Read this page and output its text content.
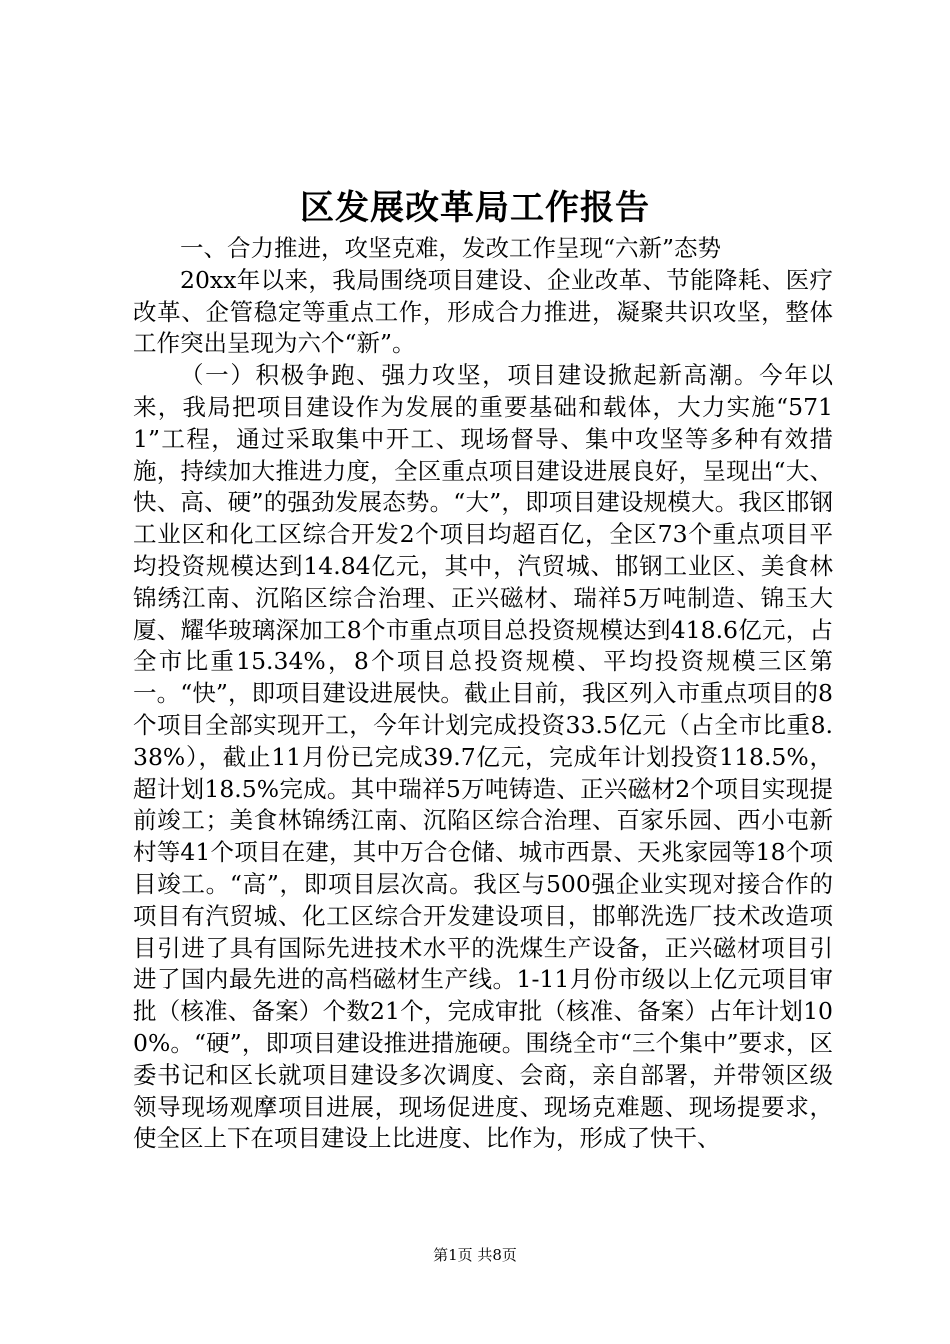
区发展改革局工作报告

一、合力推进，攻坚克难，发改工作呈现“六新”态势

20xx年以来，我局围绕项目建设、企业改革、节能降耗、医疗改革、企管稳定等重点工作，形成合力推进，凝聚共识攻坚，整体工作突出呈现为六个“新”。

（一）积极争跑、强力攻坚，项目建设掀起新高潮。今年以来，我局把项目建设作为发展的重要基础和载体，大力实施“5711”工程，通过采取集中开工、现场督导、集中攻坚等多种有效措施，持续加大推进力度，全区重点项目建设进展良好，呈现出“大、快、高、硬”的强劲发展态势。“大”，即项目建设规模大。我区邯钢工业区和化工区综合开发2个项目均超百亿，全区73个重点项目平均投资规模达到14.84亿元，其中，汽贸城、邯钢工业区、美食林锦绣江南、沉陷区综合治理、正兴磁材、瑞祥5万吨制造、锦玉大厦、耀华玻璃深加工8个市重点项目总投资规模达到418.6亿元，占全市比重15.34%，8个项目总投资规模、平均投资规模三区第一。“快”，即项目建设进展快。截止目前，我区列入市重点项目的8个项目全部实现开工，今年计划完成投资33.5亿元（占全市比重8.38%），截止11月份已完成39.7亿元，完成年计划投资118.5%，超计划18.5%完成。其中瑞祥5万吨铸造、正兴磁材2个项目实现提前竣工；美食林锦绣江南、沉陷区综合治理、百家乐园、西小屯新村等41个项目在建，其中万合仓储、城市西景、天兆家园等18个项目竣工。“高”，即项目层次高。我区与500强企业实现对接合作的项目有汽贸城、化工区综合开发建设项目，邯郸洗选厂技术改造项目引进了具有国际先进技术水平的洗煤生产设备，正兴磁材项目引进了国内最先进的高档磁材生产线。1-11月份市级以上亿元项目审批（核准、备案）个数21个，完成审批（核准、备案）占年计划100%。“硬”，即项目建设推进措施硬。围绕全市“三个集中”要求，区委书记和区长就项目建设多次调度、会商，亲自部署，并带领区级领导现场观摩项目进展，现场促进度、现场克难题、现场提要求，使全区上下在项目建设上比进度、比作为，形成了快干、

第1页 共8页
